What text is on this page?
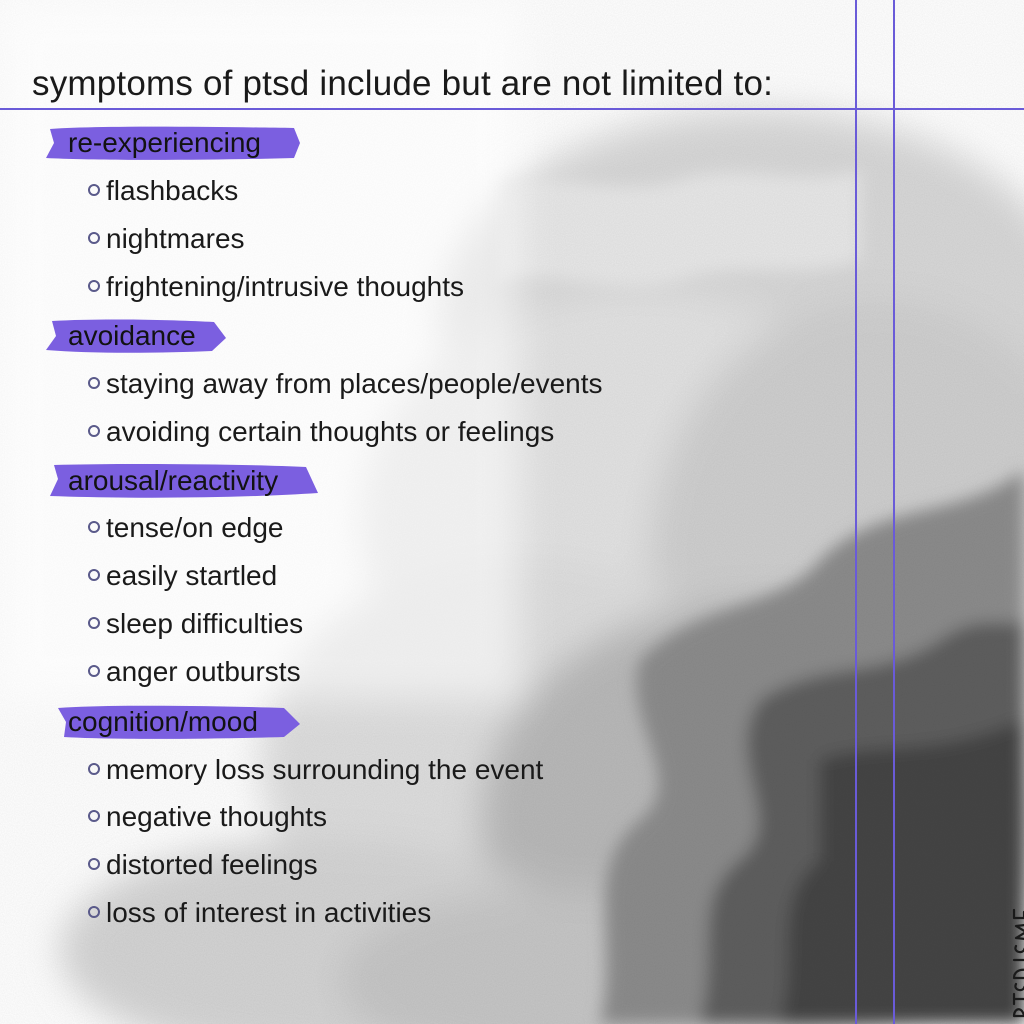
symptoms of ptsd include but are not limited to:
re-experiencing
flashbacks
nightmares
frightening/intrusive thoughts
avoidance
staying away from places/people/events
avoiding certain thoughts or feelings
arousal/reactivity
tense/on edge
easily startled
sleep difficulties
anger outbursts
cognition/mood
memory loss surrounding the event
negative thoughts
distorted feelings
loss of interest in activities
